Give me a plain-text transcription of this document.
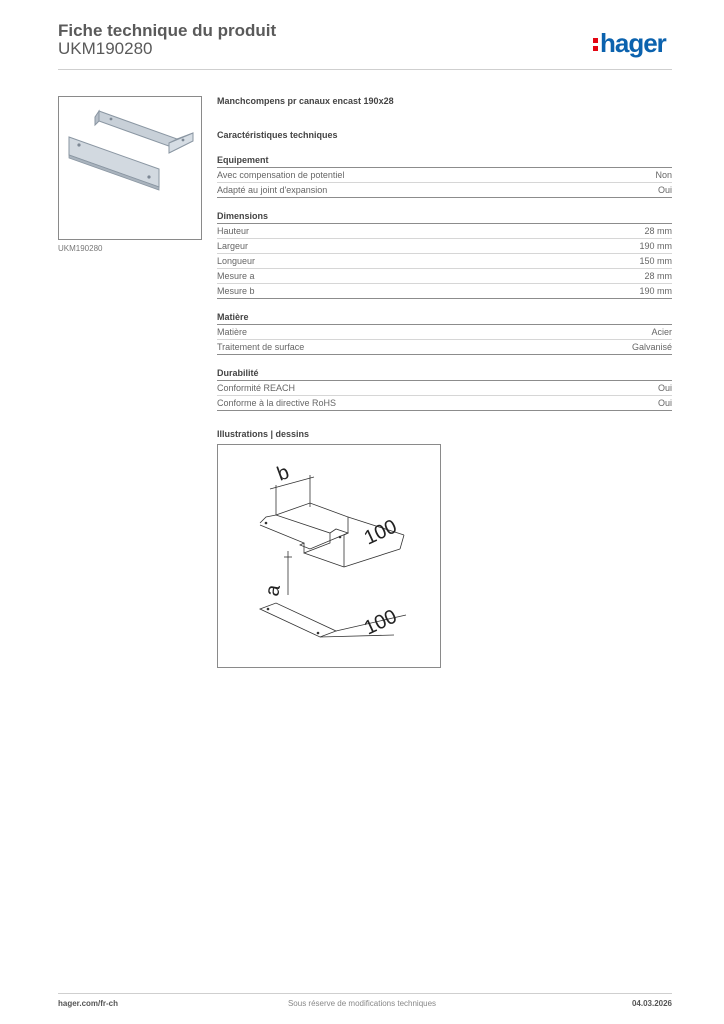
Fiche technique du produit
UKM190280	hager
UKM190280
Manchcompens pr canaux encast 190x28
Caractéristiques techniques
Equipement
Avec compensation de potentiel	Non
Adapté au joint d'expansion	Oui
Dimensions
Hauteur	28 mm
Largeur	190 mm
Longueur	150 mm
Mesure a	28 mm
Mesure b	190 mm
Matière
Matière	Acier
Traitement de surface	Galvanisé
Durabilité
Conformité REACH	Oui
Conforme à la directive RoHS	Oui
Illustrations | dessins
b
100
a
100
hager.com/fr-ch	Sous réserve de modifications techniques	04.03.2026
